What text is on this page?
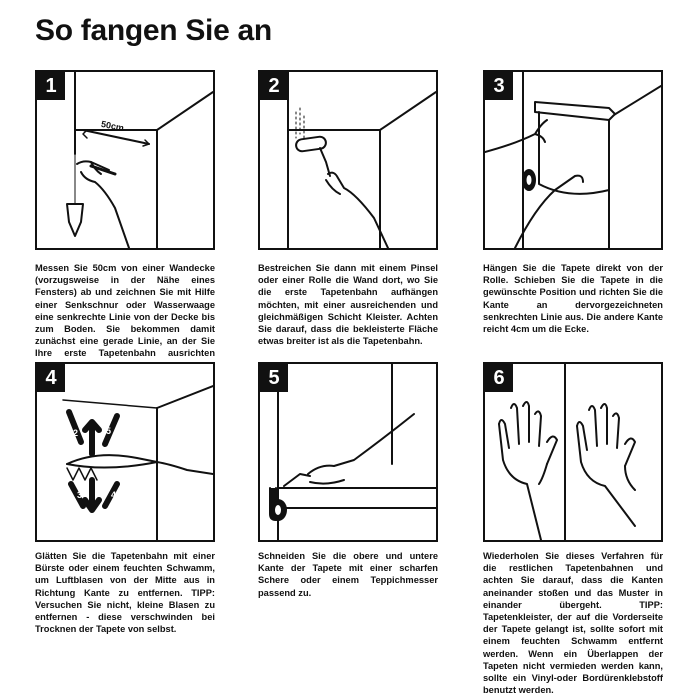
So fangen Sie an
1
50cm

Messen Sie 50cm von einer Wandecke (vorzugsweise in der Nähe eines Fensters) ab und zeichnen Sie mit Hilfe einer Senkschnur oder Wasserwaage eine senkrechte Linie von der Decke bis zum Boden. Sie bekommen damit zunächst eine gerade Linie, an der Sie Ihre erste Tapetenbahn ausrichten

2

Bestreichen Sie dann mit einem Pinsel oder einer Rolle die Wand dort, wo Sie die erste Tapetenbahn aufhängen möchten, mit einer ausreichenden und gleichmäßigen Schicht Kleister. Achten Sie darauf, dass die bekleisterte Fläche etwas breiter ist als die Tapetenbahn.

3

Hängen Sie die Tapete direkt von der Rolle. Schieben Sie die Tapete in die gewünschte Position und richten Sie die Kante an dervorgezeichneten senkrechten Linie aus. Die andere Kante reicht 4cm um die Ecke.

4
1
2	5
3	4

Glätten Sie die Tapetenbahn mit einer Bürste oder einem feuchten Schwamm, um Luftblasen von der Mitte aus in Richtung Kante zu entfernen. TIPP: Versuchen Sie nicht, kleine Blasen zu entfernen - diese verschwinden bei Trocknen der Tapete von selbst.

5

Schneiden Sie die obere und untere Kante der Tapete mit einer scharfen Schere oder einem Teppichmesser passend zu.

6

Wiederholen Sie dieses Verfahren für die restlichen Tapetenbahnen und achten Sie darauf, dass die Kanten aneinander stoßen und das Muster in einander übergeht. TIPP: Tapetenkleister, der auf die Vorderseite der Tapete gelangt ist, sollte sofort mit einem feuchten Schwamm entfernt werden. Wenn ein Überlappen der Tapeten nicht vermieden werden kann, sollte ein Vinyl-oder Bordürenklebstoff benutzt werden.
